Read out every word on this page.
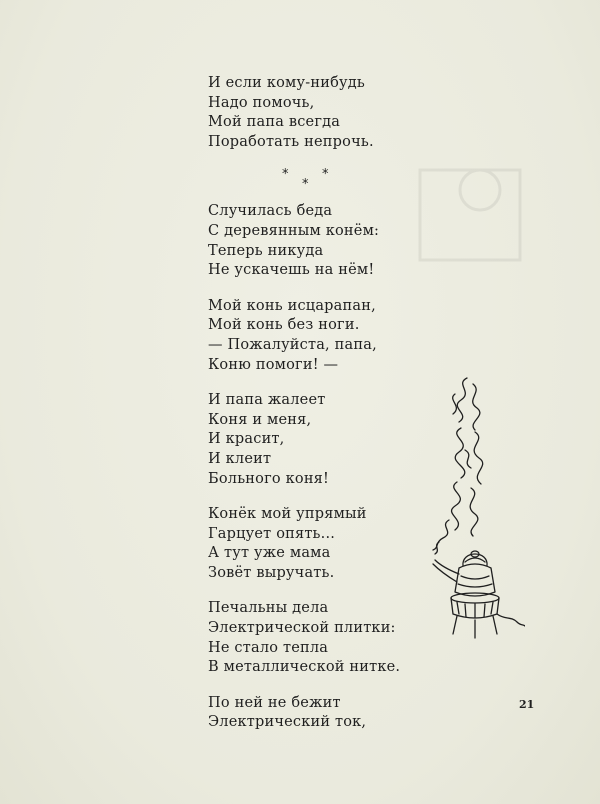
И если кому-нибудь
Надо помочь,
Мой папа всегда
Поработать непрочь.
*	*
*
Случилась беда
С деревянным конём:
Теперь никуда
Не ускачешь на нём!
Мой конь исцарапан,
Мой конь без ноги.
— Пожалуйста, папа,
Коню помоги! —
И папа жалеет
Коня и меня,
И красит,
И клеит
Больного коня!
Конёк мой упрямый
Гарцует опять...
А тут уже мама
Зовёт выручать.
Печальны дела
Электрической плитки:
Не стало тепла
В металлической нитке.
По ней не бежит
Электрический ток,
21
